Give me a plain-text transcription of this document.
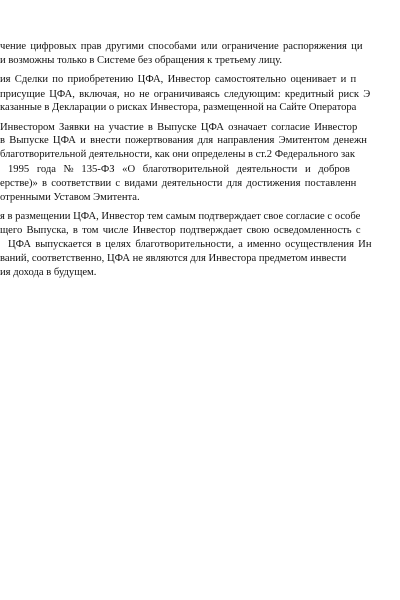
чение цифровых прав другими способами или ограничение распоряжения ци
и возможны только в Системе без обращения к третьему лицу.
ия Сделки по приобретению ЦФА, Инвестор самостоятельно оценивает и п
присущие ЦФА, включая, но не ограничиваясь следующим: кредитный риск Э
казанные в Декларации о рисках Инвестора, размещенной на Сайте Оператора
Инвестором Заявки на участие в Выпуске ЦФА означает согласие Инвестор
в Выпуске ЦФА и внести пожертвования для направления Эмитентом денежн
благотворительной деятельности, как они определены в ст.2 Федерального зак
1995 года № 135-ФЗ «О благотворительной деятельности и добров
ерстве)» в соответствии с видами деятельности для достижения поставленн
отренными Уставом Эмитента.
я в размещении ЦФА, Инвестор тем самым подтверждает свое согласие с особе
щего Выпуска, в том числе Инвестор подтверждает свою осведомленность с
ЦФА выпускается в целях благотворительности, а именно осуществления Ин
ваний, соответственно, ЦФА не являются для Инвестора предметом инвести
ия дохода в будущем.
